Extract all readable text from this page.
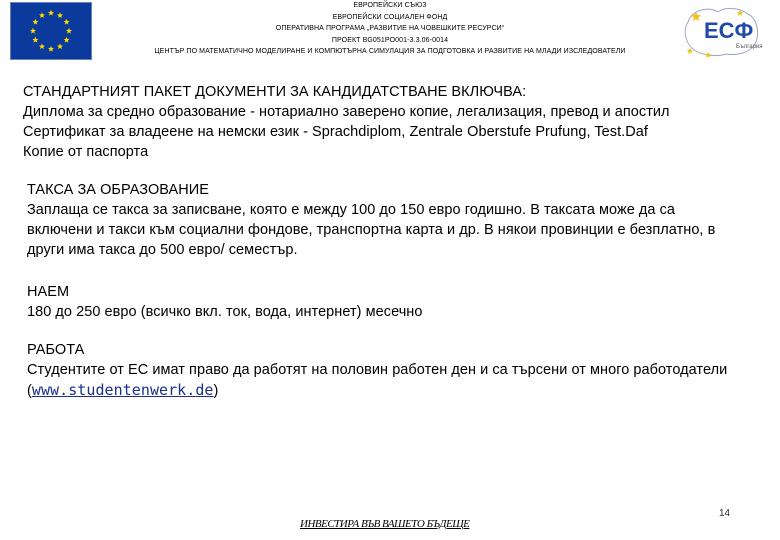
ЕВРОПЕЙСКИ СЪЮЗ
ЕВРОПЕЙСКИ СОЦИАЛЕН ФОНД
ОПЕРАТИВНА ПРОГРАМА „РАЗВИТИЕ НА ЧОВЕШКИТЕ РЕСУРСИ“
ПРОЕКТ BG051PO001-3.3.06-0014
ЦЕНТЪР ПО МАТЕМАТИЧНО МОДЕЛИРАНЕ И КОМПЮТЪРНА СИМУЛАЦИЯ ЗА ПОДГОТОВКА И РАЗВИТИЕ НА МЛАДИ ИЗСЛЕДОВАТЕЛИ
ЕСФ
България
СТАНДАРТНИЯТ ПАКЕТ ДОКУМЕНТИ ЗА КАНДИДАТСТВАНЕ ВКЛЮЧВА:
Диплома за средно образование - нотариално заверено копие, легализация, превод и апостил
Сертификат за владеене на немски език - Sprachdiplom, Zentrale Oberstufe Prufung, Test.Daf
Копие от паспорта
ТАКСА ЗА ОБРАЗОВАНИЕ
Заплаща се такса за записване, която е между 100 до 150 евро годишно. В таксата може да са включени и такси към социални фондове, транспортна карта и др. В някои провинции е безплатно, в други има такса до 500 евро/ семестър.
НАЕМ
180 до 250 евро (всичко вкл. ток, вода, интернет) месечно
РАБОТА
Студентите от ЕС имат право да работят на половин работен ден и са търсени от много работодатели (www.studentenwerk.de)
ИНВЕСТИРА ВЪВ ВАШЕТО БЪДЕЩЕ
14
